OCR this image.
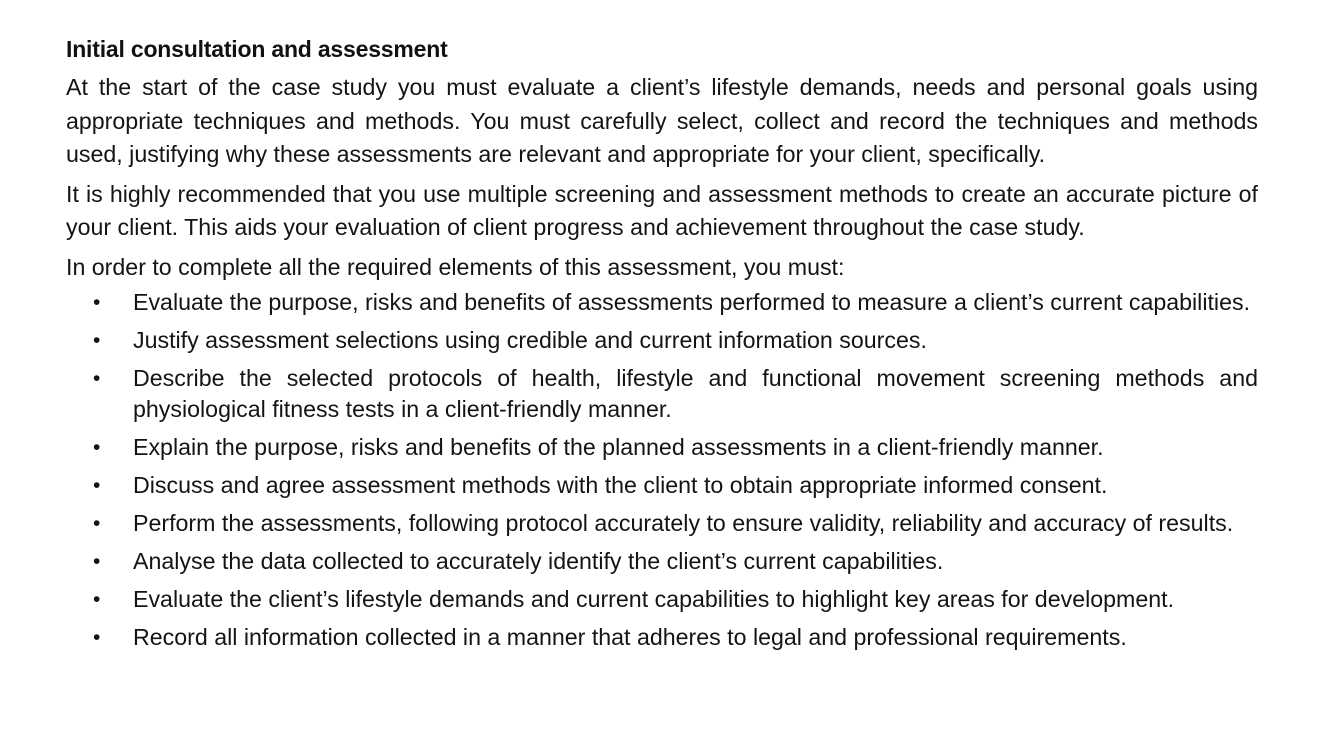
Initial consultation and assessment

At the start of the case study you must evaluate a client’s lifestyle demands, needs and personal goals using appropriate techniques and methods. You must carefully select, collect and record the techniques and methods used, justifying why these assessments are relevant and appropriate for your client, specifically.

It is highly recommended that you use multiple screening and assessment methods to create an accurate picture of your client. This aids your evaluation of client progress and achievement throughout the case study.

In order to complete all the required elements of this assessment, you must:

• Evaluate the purpose, risks and benefits of assessments performed to measure a client’s current capabilities.
• Justify assessment selections using credible and current information sources.
• Describe the selected protocols of health, lifestyle and functional movement screening methods and physiological fitness tests in a client-friendly manner.
• Explain the purpose, risks and benefits of the planned assessments in a client-friendly manner.
• Discuss and agree assessment methods with the client to obtain appropriate informed consent.
• Perform the assessments, following protocol accurately to ensure validity, reliability and accuracy of results.
• Analyse the data collected to accurately identify the client’s current capabilities.
• Evaluate the client’s lifestyle demands and current capabilities to highlight key areas for development.
• Record all information collected in a manner that adheres to legal and professional requirements.
